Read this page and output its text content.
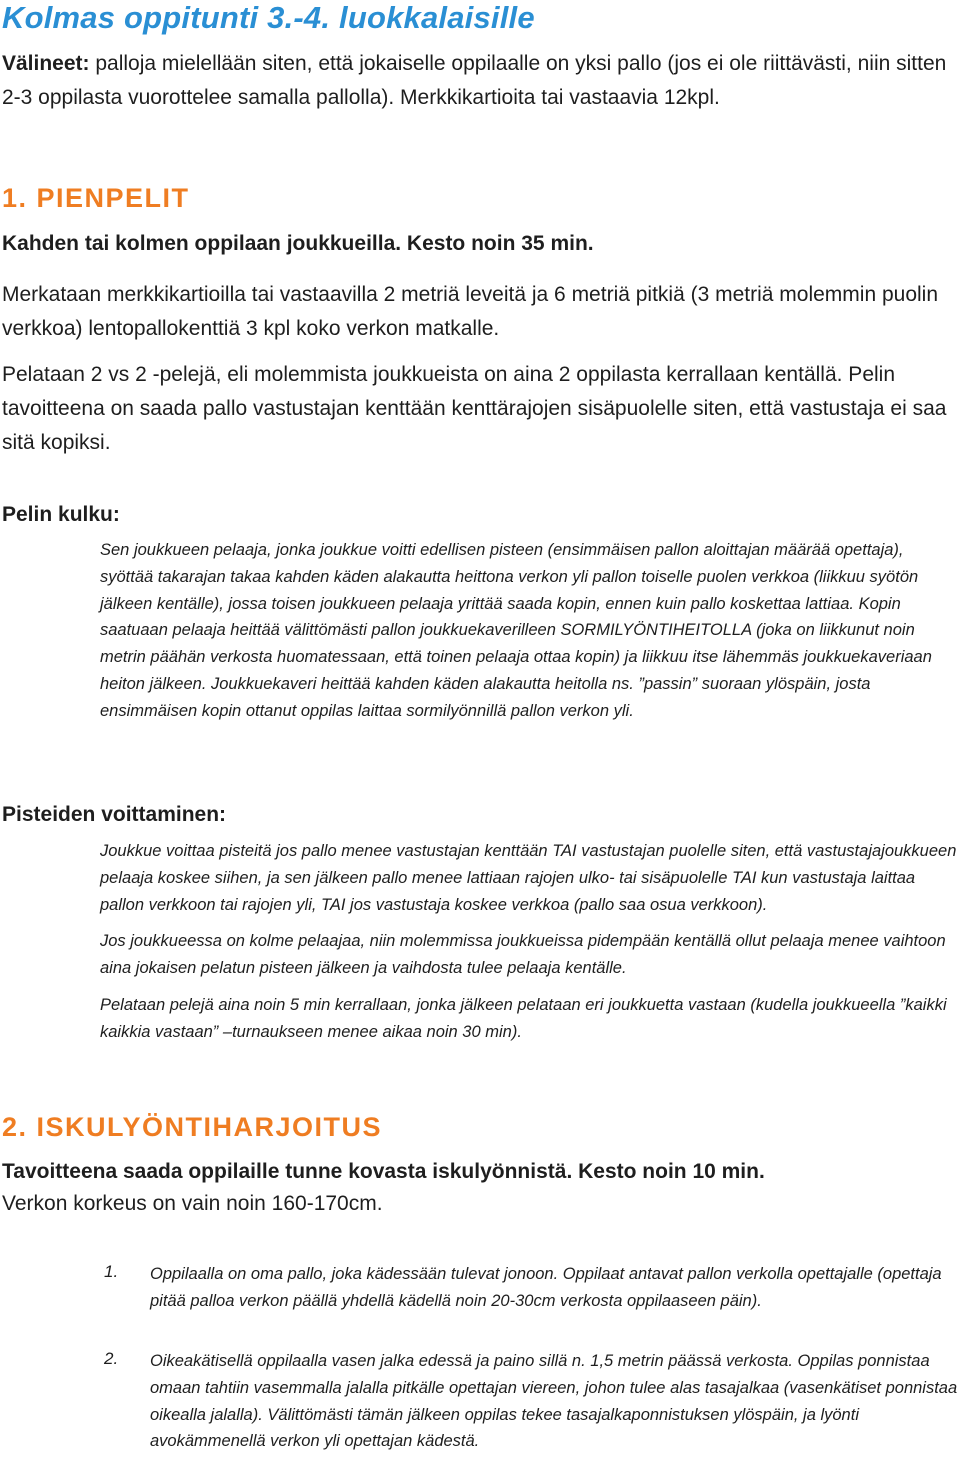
Kolmas oppitunti 3.-4. luokkalaisille
Välineet: palloja mielellään siten, että jokaiselle oppilaalle on yksi pallo (jos ei ole riittävästi, niin sitten 2-3 oppilasta vuorottelee samalla pallolla). Merkkikartioita tai vastaavia 12kpl.
1. PIENPELIT
Kahden tai kolmen oppilaan joukkueilla. Kesto noin 35 min.
Merkataan merkkikartioilla tai vastaavilla 2 metriä leveitä ja 6 metriä pitkiä (3 metriä molemmin puolin verkkoa) lentopallokenttiä 3 kpl koko verkon matkalle.
Pelataan 2 vs 2 -pelejä, eli molemmista joukkueista on aina 2 oppilasta kerrallaan kentällä. Pelin tavoitteena on saada pallo vastustajan kenttään kenttärajojen sisäpuolelle siten, että vastustaja ei saa sitä kopiksi.
Pelin kulku:
Sen joukkueen pelaaja, jonka joukkue voitti edellisen pisteen (ensimmäisen pallon aloittajan määrää opettaja), syöttää takarajan takaa kahden käden alakautta heittona verkon yli pallon toiselle puolen verkkoa (liikkuu syötön jälkeen kentälle), jossa toisen joukkueen pelaaja yrittää saada kopin, ennen kuin pallo koskettaa lattiaa. Kopin saatuaan pelaaja heittää välittömästi pallon joukkuekaverilleen SORMILYÖNTIHEITOLLA (joka on liikkunut noin metrin päähän verkosta huomatessaan, että toinen pelaaja ottaa kopin) ja liikkuu itse lähemmäs joukkuekaveriaan heiton jälkeen. Joukkuekaveri heittää kahden käden alakautta heitolla ns. ”passin” suoraan ylöspäin, josta ensimmäisen kopin ottanut oppilas laittaa sormilyönnillä pallon verkon yli.
Pisteiden voittaminen:

Joukkue voittaa pisteitä jos pallo menee vastustajan kenttään TAI vastustajan puolelle siten, että vastustajajoukkueen pelaaja koskee siihen, ja sen jälkeen pallo menee lattiaan rajojen ulko- tai sisäpuolelle TAI kun vastustaja laittaa pallon verkkoon tai rajojen yli, TAI jos vastustaja koskee verkkoa (pallo saa osua verkkoon).

Jos joukkueessa on kolme pelaajaa, niin molemmissa joukkueissa pidempään kentällä ollut pelaaja menee vaihtoon aina jokaisen pelatun pisteen jälkeen ja vaihdosta tulee pelaaja kentälle.

Pelataan pelejä aina noin 5 min kerrallaan, jonka jälkeen pelataan eri joukkuetta vastaan (kudella joukkueella ”kaikki kaikkia vastaan” –turnaukseen menee aikaa noin 30 min).

2. ISKULYÖNTIHARJOITUS
Tavoitteena saada oppilaille tunne kovasta iskulyönnistä. Kesto noin 10 min.
Verkon korkeus on vain noin 160-170cm.
1. Oppilaalla on oma pallo, joka kädessään tulevat jonoon. Oppilaat antavat pallon verkolla opettajalle (opettaja pitää palloa verkon päällä yhdellä kädellä noin 20-30cm verkosta oppilaaseen päin).
2. Oikeakätisellä oppilaalla vasen jalka edessä ja paino sillä n. 1,5 metrin päässä verkosta. Oppilas ponnistaa omaan tahtiin vasemmalla jalalla pitkälle opettajan viereen, johon tulee alas tasajalkaa (vasenkätiset ponnistaa oikealla jalalla). Välittömästi tämän jälkeen oppilas tekee tasajalkaponnistuksen ylöspäin, ja lyönti avokämmenellä verkon yli opettajan kädestä.
